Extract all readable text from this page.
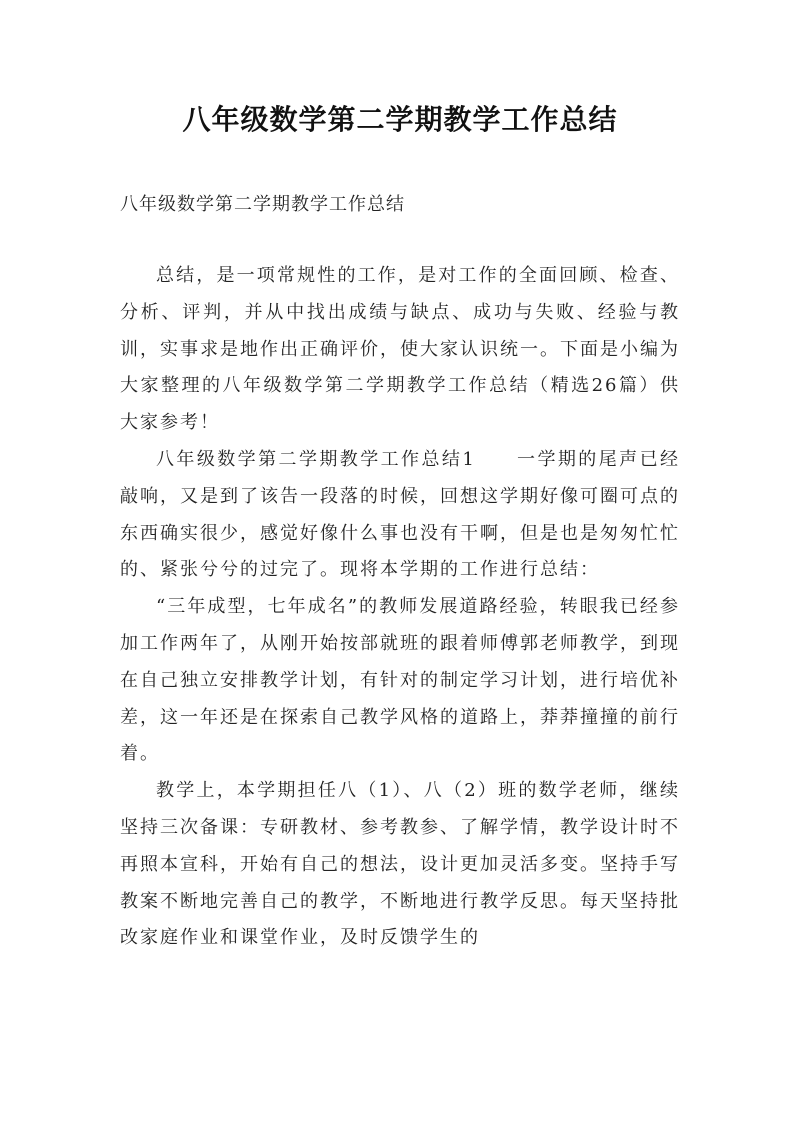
八年级数学第二学期教学工作总结

八年级数学第二学期教学工作总结

总结，是一项常规性的工作，是对工作的全面回顾、检查、分析、评判，并从中找出成绩与缺点、成功与失败、经验与教训，实事求是地作出正确评价，使大家认识统一。下面是小编为大家整理的八年级数学第二学期教学工作总结（精选26篇）供大家参考！

八年级数学第二学期教学工作总结1　　一学期的尾声已经敲响，又是到了该告一段落的时候，回想这学期好像可圈可点的东西确实很少，感觉好像什么事也没有干啊，但是也是匆匆忙忙的、紧张兮兮的过完了。现将本学期的工作进行总结：

“三年成型，七年成名”的教师发展道路经验，转眼我已经参加工作两年了，从刚开始按部就班的跟着师傅郭老师教学，到现在自己独立安排教学计划，有针对的制定学习计划，进行培优补差，这一年还是在探索自己教学风格的道路上，莽莽撞撞的前行着。

教学上，本学期担任八（1）、八（2）班的数学老师，继续坚持三次备课：专研教材、参考教参、了解学情，教学设计时不再照本宣科，开始有自己的想法，设计更加灵活多变。坚持手写教案不断地完善自己的教学，不断地进行教学反思。每天坚持批改家庭作业和课堂作业，及时反馈学生的
